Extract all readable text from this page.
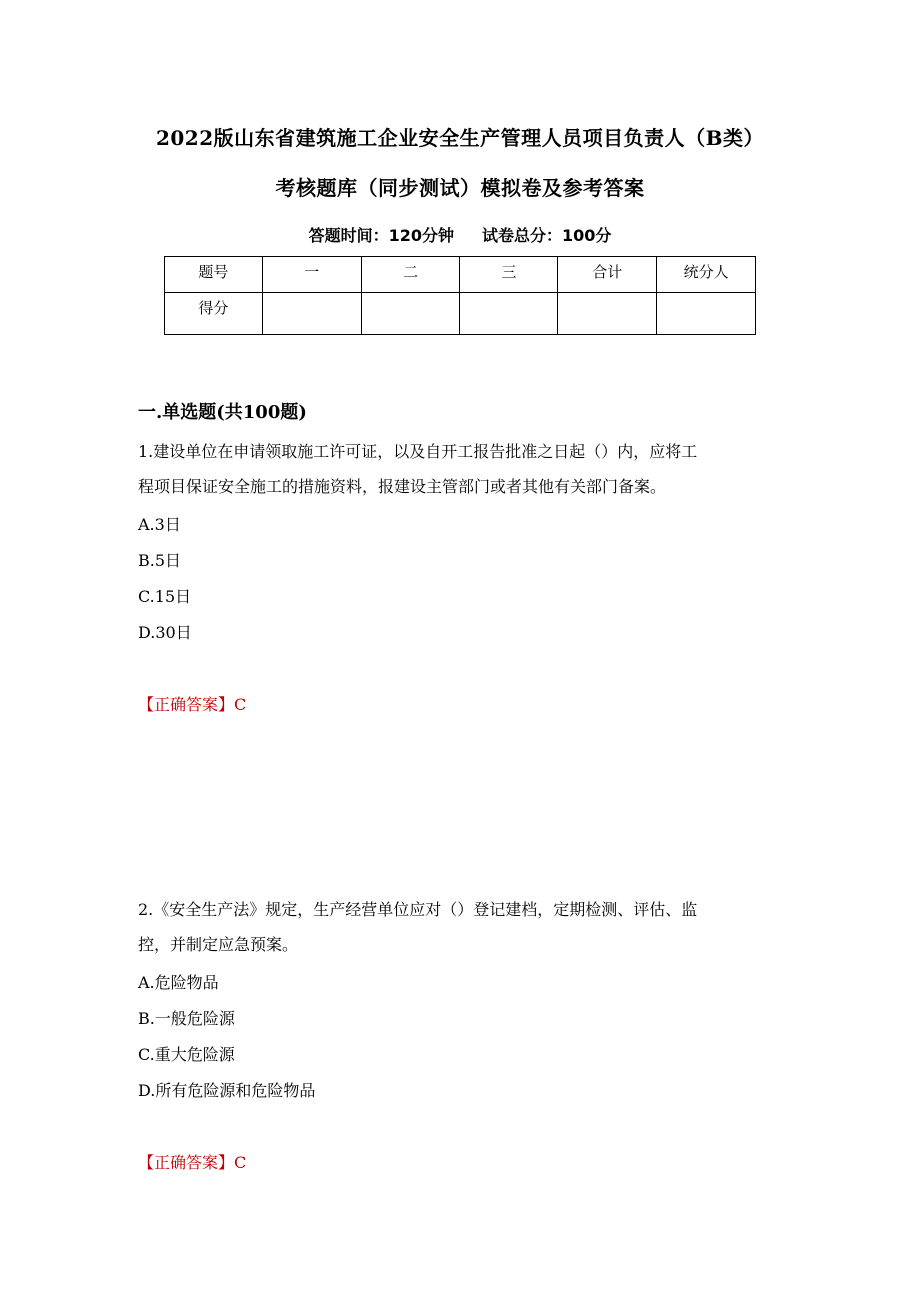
2022版山东省建筑施工企业安全生产管理人员项目负责人（B类）
考核题库（同步测试）模拟卷及参考答案
答题时间：120分钟 试卷总分：100分
题号	一	二	三	合计	统分人
得分					
一.单选题(共100题)
1.建设单位在申请领取施工许可证，以及自开工报告批准之日起（）内，应将工
程项目保证安全施工的措施资料，报建设主管部门或者其他有关部门备案。
A.3日
B.5日
C.15日
D.30日
【正确答案】C
2.《安全生产法》规定，生产经营单位应对（）登记建档，定期检测、评估、监
控，并制定应急预案。
A.危险物品
B.一般危险源
C.重大危险源
D.所有危险源和危险物品
【正确答案】C
